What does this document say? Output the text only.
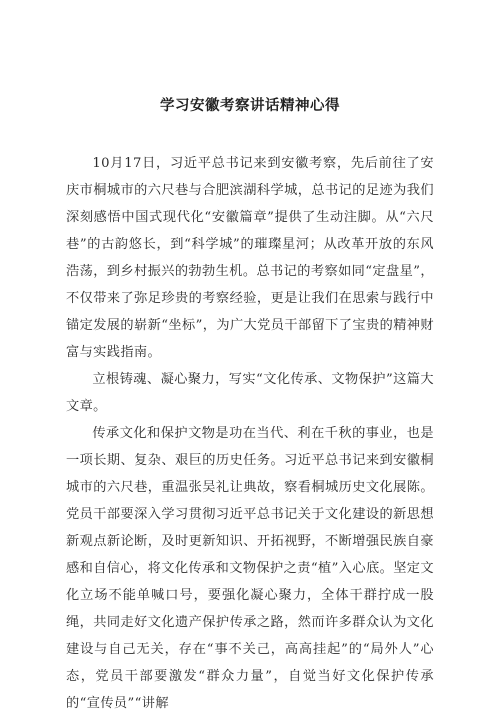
学习安徽考察讲话精神心得

10月17日，习近平总书记来到安徽考察，先后前往了安庆市桐城市的六尺巷与合肥滨湖科学城，总书记的足迹为我们深刻感悟中国式现代化“安徽篇章”提供了生动注脚。从“六尺巷”的古韵悠长，到“科学城”的璀璨星河；从改革开放的东风浩荡，到乡村振兴的勃勃生机。总书记的考察如同“定盘星”，不仅带来了弥足珍贵的考察经验，更是让我们在思索与践行中锚定发展的崭新“坐标”，为广大党员干部留下了宝贵的精神财富与实践指南。

立根铸魂、凝心聚力，写实“文化传承、文物保护”这篇大文章。

传承文化和保护文物是功在当代、利在千秋的事业，也是一项长期、复杂、艰巨的历史任务。习近平总书记来到安徽桐城市的六尺巷，重温张吴礼让典故，察看桐城历史文化展陈。党员干部要深入学习贯彻习近平总书记关于文化建设的新思想新观点新论断，及时更新知识、开拓视野，不断增强民族自豪感和自信心，将文化传承和文物保护之责“植”入心底。坚定文化立场不能单喊口号，要强化凝心聚力，全体干群拧成一股绳，共同走好文化遗产保护传承之路，然而许多群众认为文化建设与自己无关，存在“事不关己，高高挂起”的“局外人”心态，党员干部要激发“群众力量”，自觉当好文化保护传承的“宣传员”“讲解
